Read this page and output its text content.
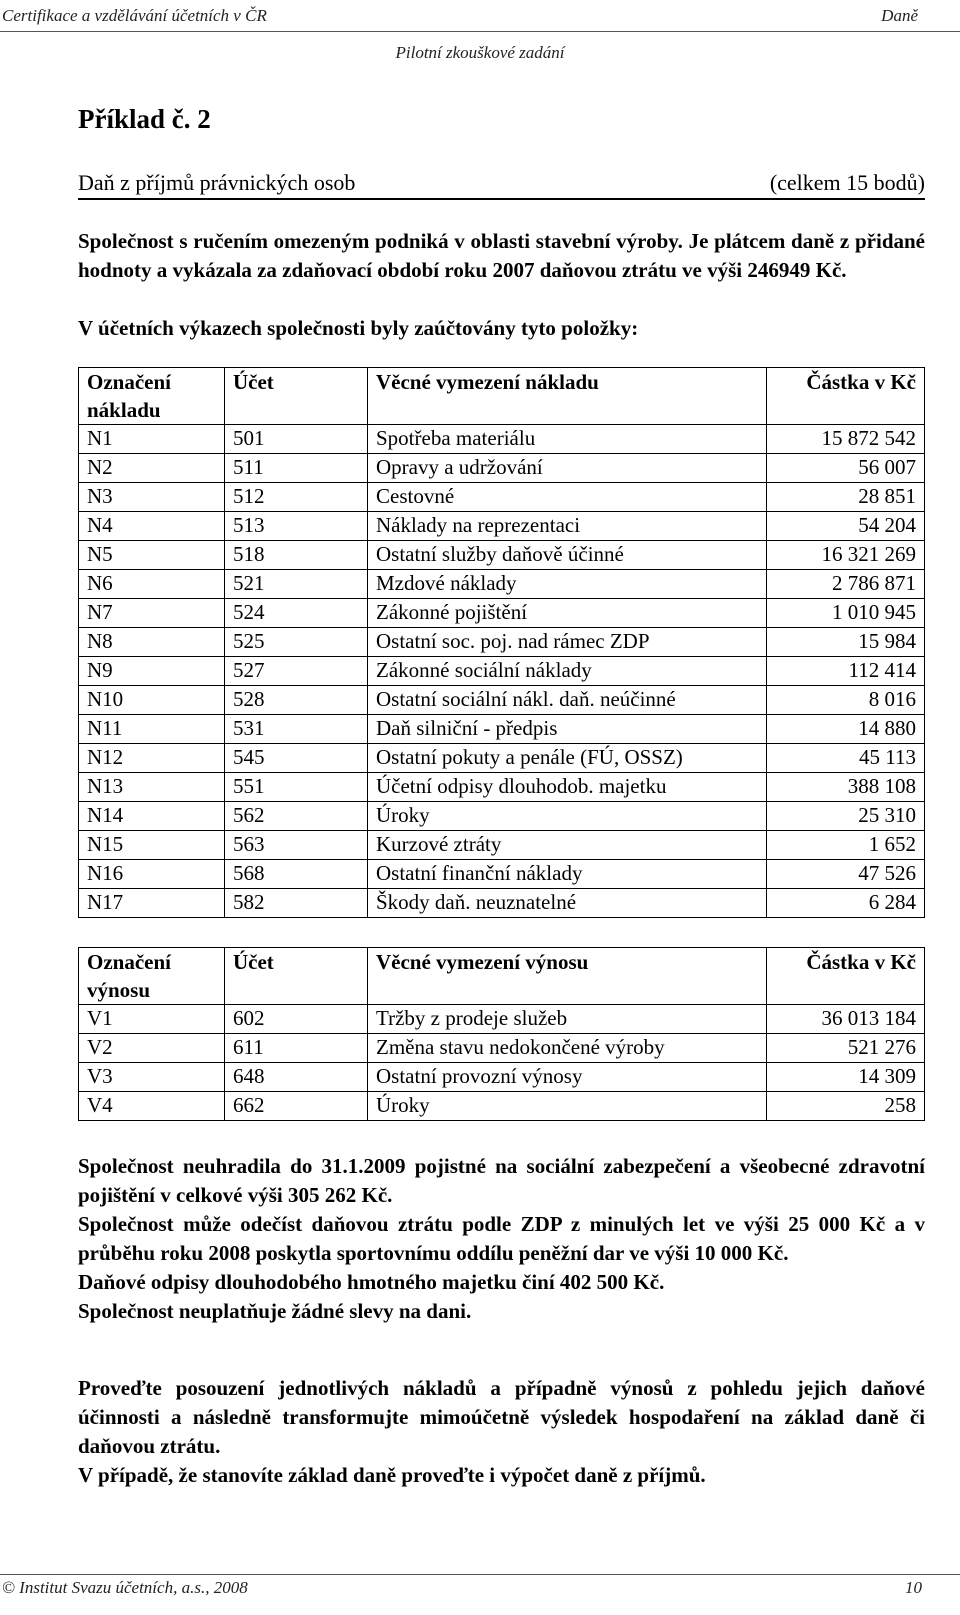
Certifikace a vzdělávání účetních v ČR	Daně
Pilotní zkouškové zadání
Příklad č. 2
Daň z příjmů právnických osob	(celkem 15 bodů)
Společnost s ručením omezeným podniká v oblasti stavební výroby. Je plátcem daně z přidané hodnoty a vykázala za zdaňovací období roku 2007 daňovou ztrátu ve výši 246949 Kč.
V účetních výkazech společnosti byly zaúčtovány tyto položky:
Označení nákladu	Účet	Věcné vymezení nákladu	Částka v Kč
N1	501	Spotřeba materiálu	15 872 542
N2	511	Opravy a udržování	56 007
N3	512	Cestovné	28 851
N4	513	Náklady na reprezentaci	54 204
N5	518	Ostatní služby daňově účinné	16 321 269
N6	521	Mzdové náklady	2 786 871
N7	524	Zákonné pojištění	1 010 945
N8	525	Ostatní soc. poj. nad rámec ZDP	15 984
N9	527	Zákonné sociální náklady	112 414
N10	528	Ostatní sociální nákl. daň. neúčinné	8 016
N11	531	Daň silniční - předpis	14 880
N12	545	Ostatní pokuty a penále (FÚ, OSSZ)	45 113
N13	551	Účetní odpisy dlouhodob. majetku	388 108
N14	562	Úroky	25 310
N15	563	Kurzové ztráty	1 652
N16	568	Ostatní finanční náklady	47 526
N17	582	Škody daň. neuznatelné	6 284
Označení výnosu	Účet	Věcné vymezení výnosu	Částka v Kč
V1	602	Tržby z prodeje služeb	36 013 184
V2	611	Změna stavu nedokončené výroby	521 276
V3	648	Ostatní provozní výnosy	14 309
V4	662	Úroky	258
Společnost neuhradila do 31.1.2009 pojistné na sociální zabezpečení a všeobecné zdravotní pojištění v celkové výši 305 262 Kč.
Společnost může odečíst daňovou ztrátu podle ZDP z minulých let ve výši 25 000 Kč a v průběhu roku 2008 poskytla sportovnímu oddílu peněžní dar ve výši 10 000 Kč.
Daňové odpisy dlouhodobého hmotného majetku činí 402 500 Kč.
Společnost neuplatňuje žádné slevy na dani.
Proveďte posouzení jednotlivých nákladů a případně výnosů z pohledu jejich daňové účinnosti a následně transformujte mimoúčetně výsledek hospodaření na základ daně či daňovou ztrátu.
V případě, že stanovíte základ daně proveďte i výpočet daně z příjmů.
© Institut Svazu účetních, a.s., 2008	10
